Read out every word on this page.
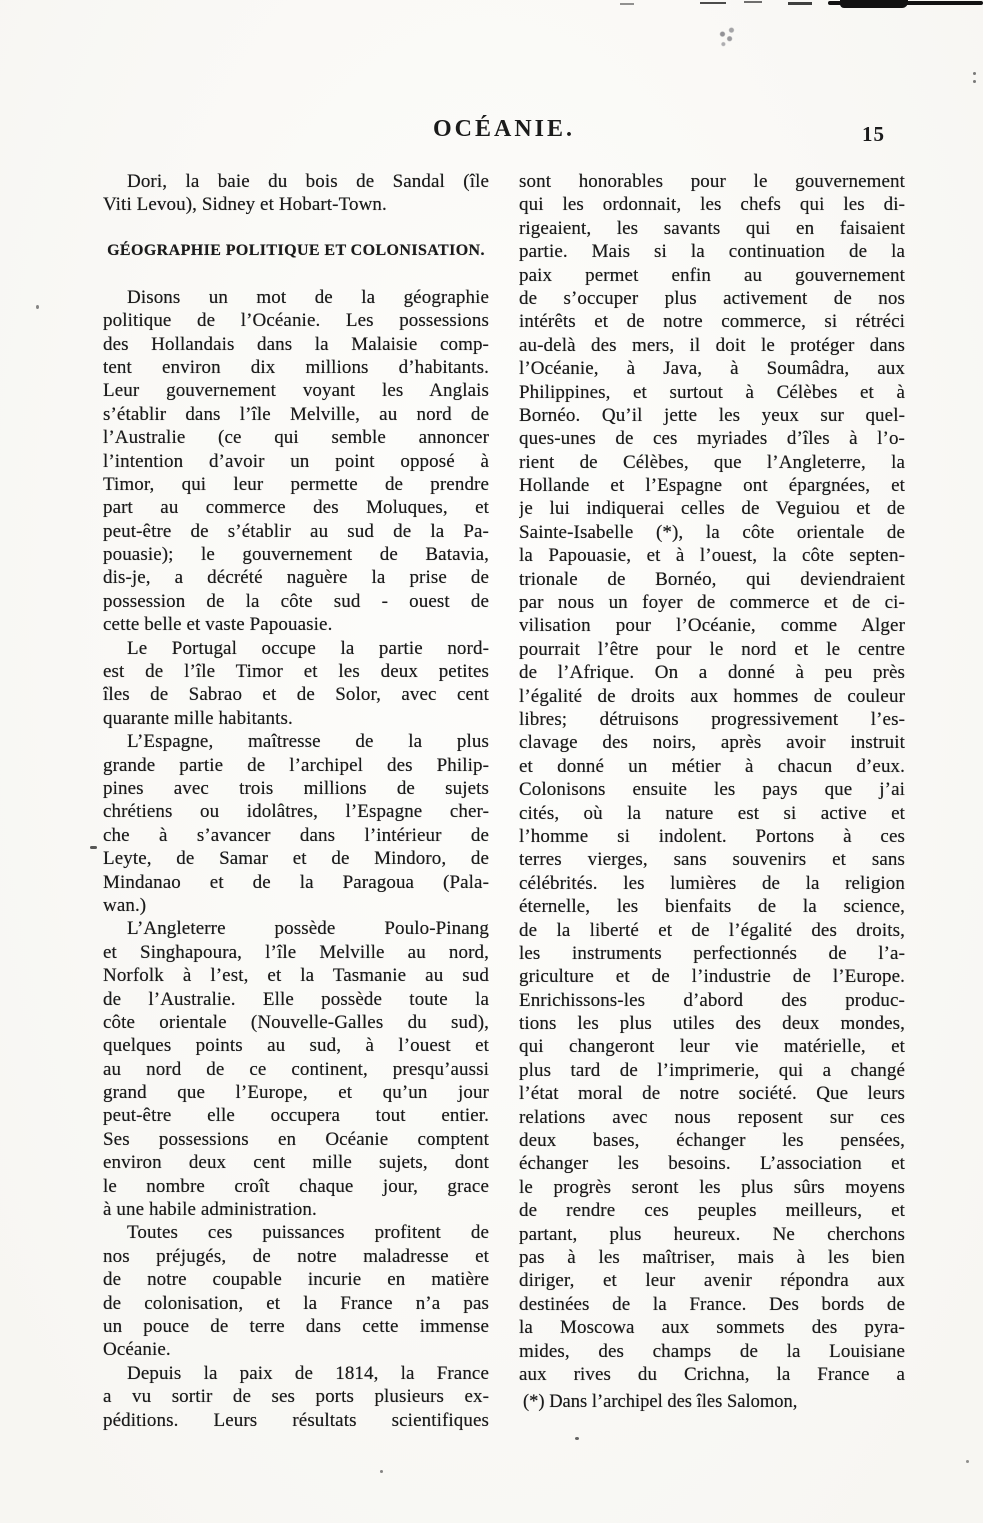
OCÉANIE.	15
Dori, la baie du bois de Sandal (île
Viti Levou), Sidney et Hobart-Town.
GÉOGRAPHIE POLITIQUE ET COLONISATION.
Disons un mot de la géographie
politique de l’Océanie. Les possessions
des Hollandais dans la Malaisie comp-
tent environ dix millions d’habitants.
Leur gouvernement voyant les Anglais
s’établir dans l’île Melville, au nord de
l’Australie (ce qui semble annoncer
l’intention d’avoir un point opposé à
Timor, qui leur permette de prendre
part au commerce des Moluques, et
peut-être de s’établir au sud de la Pa-
pouasie); le gouvernement de Batavia,
dis-je, a décrété naguère la prise de
possession de la côte sud - ouest de
cette belle et vaste Papouasie.
Le Portugal occupe la partie nord-
est de l’île Timor et les deux petites
îles de Sabrao et de Solor, avec cent
quarante mille habitants.
L’Espagne, maîtresse de la plus
grande partie de l’archipel des Philip-
pines avec trois millions de sujets
chrétiens ou idolâtres, l’Espagne cher-
che à s’avancer dans l’intérieur de
Leyte, de Samar et de Mindoro, de
Mindanao et de la Paragoua (Pala-
wan.)
L’Angleterre possède Poulo-Pinang
et Singhapoura, l’île Melville au nord,
Norfolk à l’est, et la Tasmanie au sud
de l’Australie. Elle possède toute la
côte orientale (Nouvelle-Galles du sud),
quelques points au sud, à l’ouest et
au nord de ce continent, presqu’aussi
grand que l’Europe, et qu’un jour
peut-être elle occupera tout entier.
Ses possessions en Océanie comptent
environ deux cent mille sujets, dont
le nombre croît chaque jour, grace
à une habile administration.
Toutes ces puissances profitent de
nos préjugés, de notre maladresse et
de notre coupable incurie en matière
de colonisation, et la France n’a pas
un pouce de terre dans cette immense
Océanie.
Depuis la paix de 1814, la France
a vu sortir de ses ports plusieurs ex-
péditions. Leurs résultats scientifiques
sont honorables pour le gouvernement
qui les ordonnait, les chefs qui les di-
rigeaient, les savants qui en faisaient
partie. Mais si la continuation de la
paix permet enfin au gouvernement
de s’occuper plus activement de nos
intérêts et de notre commerce, si rétréci
au-delà des mers, il doit le protéger dans
l’Océanie, à Java, à Soumâdra, aux
Philippines, et surtout à Célèbes et à
Bornéo. Qu’il jette les yeux sur quel-
ques-unes de ces myriades d’îles à l’o-
rient de Célèbes, que l’Angleterre, la
Hollande et l’Espagne ont épargnées, et
je lui indiquerai celles de Veguiou et de
Sainte-Isabelle (*), la côte orientale de
la Papouasie, et à l’ouest, la côte septen-
trionale de Bornéo, qui deviendraient
par nous un foyer de commerce et de ci-
vilisation pour l’Océanie, comme Alger
pourrait l’être pour le nord et le centre
de l’Afrique. On a donné à peu près
l’égalité de droits aux hommes de couleur
libres; détruisons progressivement l’es-
clavage des noirs, après avoir instruit
et donné un métier à chacun d’eux.
Colonisons ensuite les pays que j’ai
cités, où la nature est si active et
l’homme si indolent. Portons à ces
terres vierges, sans souvenirs et sans
célébrités. les lumières de la religion
éternelle, les bienfaits de la science,
de la liberté et de l’égalité des droits,
les instruments perfectionnés de l’a-
griculture et de l’industrie de l’Europe.
Enrichissons-les d’abord des produc-
tions les plus utiles des deux mondes,
qui changeront leur vie matérielle, et
plus tard de l’imprimerie, qui a changé
l’état moral de notre société. Que leurs
relations avec nous reposent sur ces
deux bases, échanger les pensées,
échanger les besoins. L’association et
le progrès seront les plus sûrs moyens
de rendre ces peuples meilleurs, et
partant, plus heureux. Ne cherchons
pas à les maîtriser, mais à les bien
diriger, et leur avenir répondra aux
destinées de la France. Des bords de
la Moscowa aux sommets des pyra-
mides, des champs de la Louisiane
aux rives du Crichna, la France a
(*) Dans l’archipel des îles Salomon,
